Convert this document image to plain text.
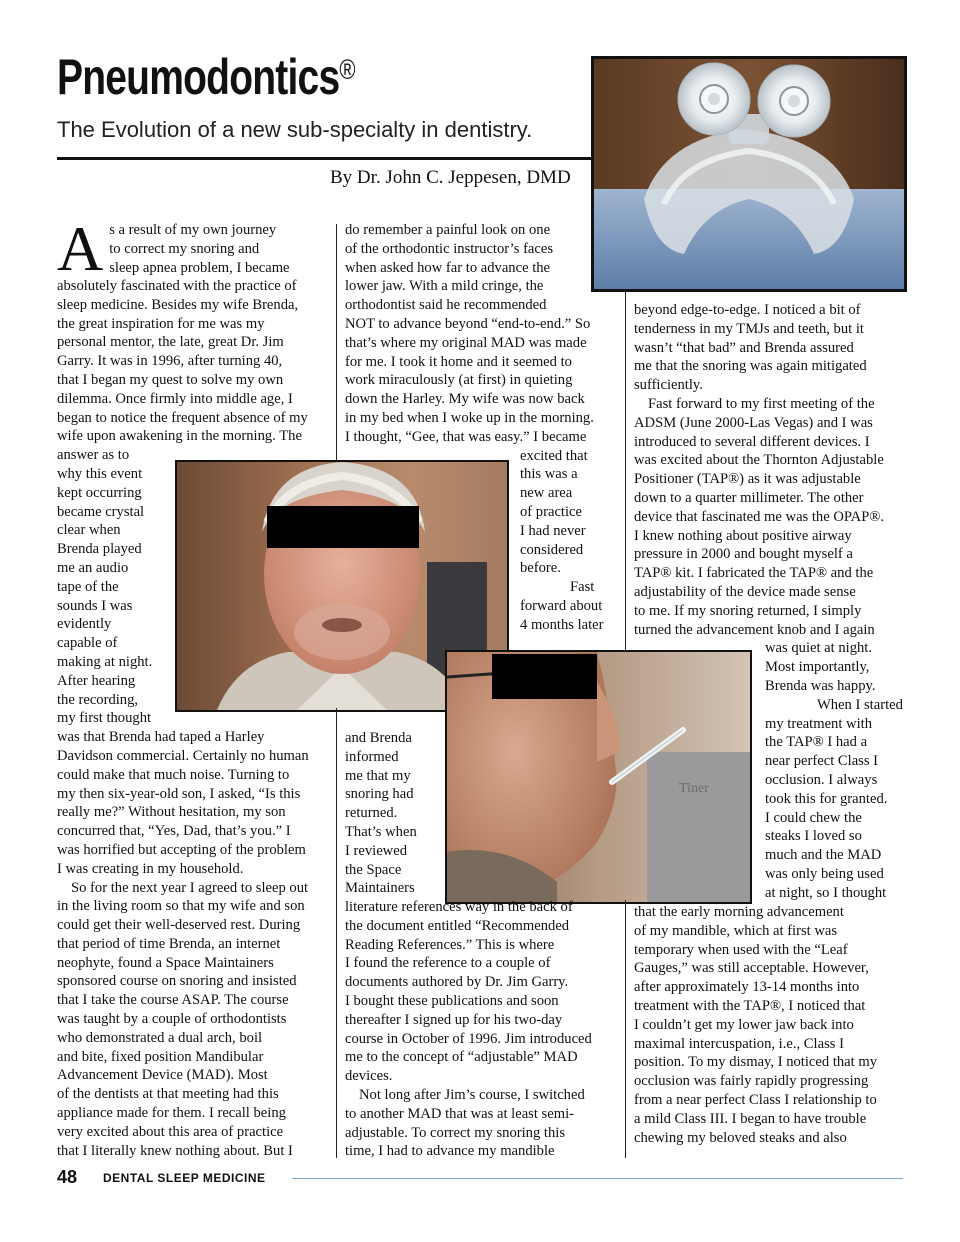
Pneumodontics®
The Evolution of a new sub-specialty in dentistry.
By Dr. John C. Jeppesen, DMD
Tiner
A s a result of my own journey
to correct my snoring and
sleep apnea problem, I became
absolutely fascinated with the practice of
sleep medicine. Besides my wife Brenda,
the great inspiration for me was my
personal mentor, the late, great Dr. Jim
Garry. It was in 1996, after turning 40,
that I began my quest to solve my own
dilemma. Once firmly into middle age, I
began to notice the frequent absence of my
wife upon awakening in the morning. The
answer as to
why this event
kept occurring
became crystal
clear when
Brenda played
me an audio
tape of the
sounds I was
evidently
capable of
making at night.
After hearing
the recording,
my first thought
was that Brenda had taped a Harley
Davidson commercial. Certainly no human
could make that much noise. Turning to
my then six-year-old son, I asked, “Is this
really me?” Without hesitation, my son
concurred that, “Yes, Dad, that’s you.” I
was horrified but accepting of the problem
I was creating in my household.
So for the next year I agreed to sleep out
in the living room so that my wife and son
could get their well-deserved rest. During
that period of time Brenda, an internet
neophyte, found a Space Maintainers
sponsored course on snoring and insisted
that I take the course ASAP. The course
was taught by a couple of orthodontists
who demonstrated a dual arch, boil
and bite, fixed position Mandibular
Advancement Device (MAD). Most
of the dentists at that meeting had this
appliance made for them. I recall being
very excited about this area of practice
that I literally knew nothing about. But I
do remember a painful look on one
of the orthodontic instructor’s faces
when asked how far to advance the
lower jaw. With a mild cringe, the
orthodontist said he recommended
NOT to advance beyond “end-to-end.” So
that’s where my original MAD was made
for me. I took it home and it seemed to
work miraculously (at first) in quieting
down the Harley. My wife was now back
in my bed when I woke up in the morning.
I thought, “Gee, that was easy.” I became
excited that
this was a
new area
of practice
I had never
considered
before.
Fast
forward about
4 months later
and Brenda
informed
me that my
snoring had
returned.
That’s when
I reviewed
the Space
Maintainers
literature references way in the back of
the document entitled “Recommended
Reading References.” This is where
I found the reference to a couple of
documents authored by Dr. Jim Garry.
I bought these publications and soon
thereafter I signed up for his two-day
course in October of 1996. Jim introduced
me to the concept of “adjustable” MAD
devices.
Not long after Jim’s course, I switched
to another MAD that was at least semi-
adjustable. To correct my snoring this
time, I had to advance my mandible
beyond edge-to-edge. I noticed a bit of
tenderness in my TMJs and teeth, but it
wasn’t “that bad” and Brenda assured
me that the snoring was again mitigated
sufficiently.
Fast forward to my first meeting of the
ADSM (June 2000-Las Vegas) and I was
introduced to several different devices. I
was excited about the Thornton Adjustable
Positioner (TAP®) as it was adjustable
down to a quarter millimeter. The other
device that fascinated me was the OPAP®.
I knew nothing about positive airway
pressure in 2000 and bought myself a
TAP® kit. I fabricated the TAP® and the
adjustability of the device made sense
to me. If my snoring returned, I simply
turned the advancement knob and I again
was quiet at night.
Most importantly,
Brenda was happy.
When I started
my treatment with
the TAP® I had a
near perfect Class I
occlusion. I always
took this for granted.
I could chew the
steaks I loved so
much and the MAD
was only being used
at night, so I thought
that the early morning advancement
of my mandible, which at first was
temporary when used with the “Leaf
Gauges,” was still acceptable. However,
after approximately 13-14 months into
treatment with the TAP®, I noticed that
I couldn’t get my lower jaw back into
maximal intercuspation, i.e., Class I
position. To my dismay, I noticed that my
occlusion was fairly rapidly progressing
from a near perfect Class I relationship to
a mild Class III. I began to have trouble
chewing my beloved steaks and also
48 DENTAL SLEEP MEDICINE
